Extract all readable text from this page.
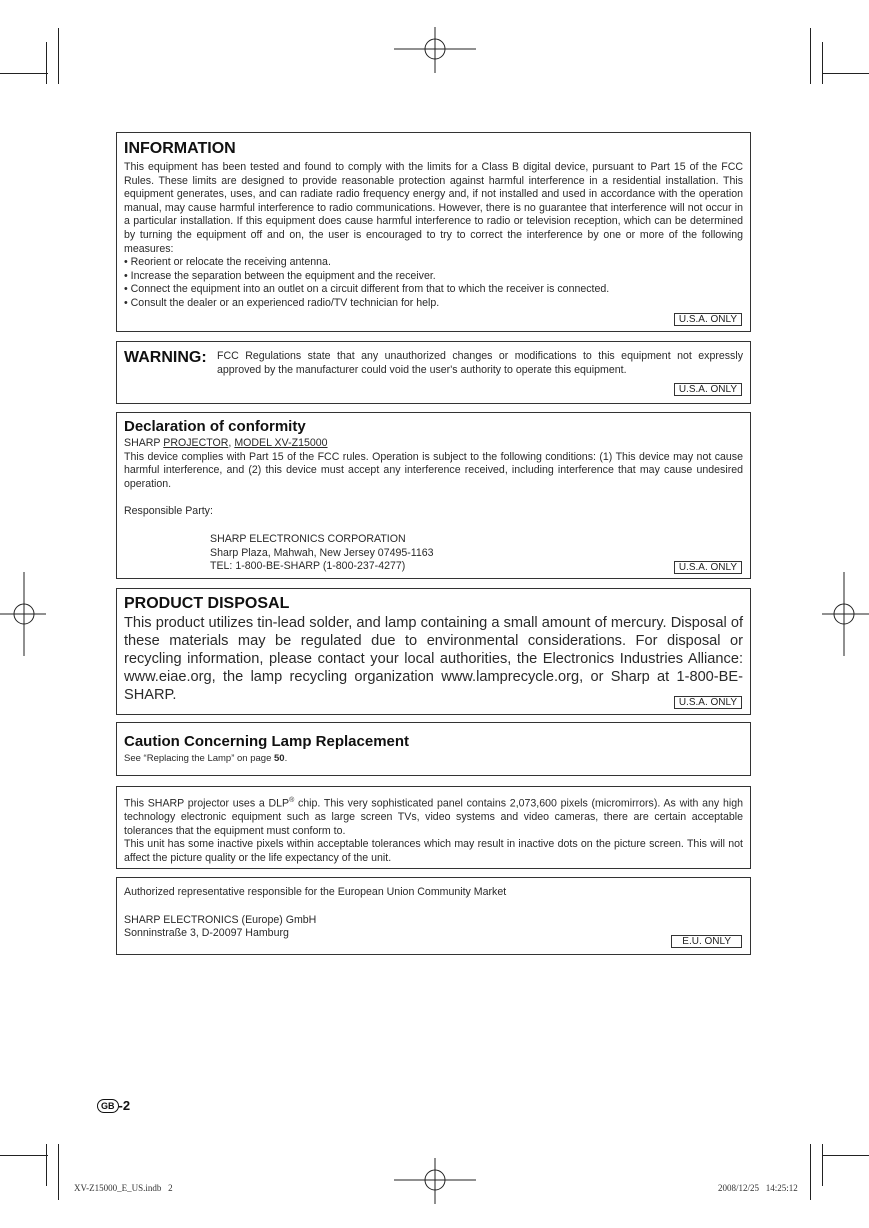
INFORMATION
This equipment has been tested and found to comply with the limits for a Class B digital device, pursuant to Part 15 of the FCC Rules. These limits are designed to provide reasonable protection against harmful interference in a residential installation. This equipment generates, uses, and can radiate radio frequency energy and, if not installed and used in accordance with the operation manual, may cause harmful interference to radio communications. However, there is no guarantee that interference will not occur in a particular installation. If this equipment does cause harmful interference to radio or television reception, which can be determined by turning the equipment off and on, the user is encouraged to try to correct the interference by one or more of the following measures:
• Reorient or relocate the receiving antenna.
• Increase the separation between the equipment and the receiver.
• Connect the equipment into an outlet on a circuit different from that to which the receiver is connected.
• Consult the dealer or an experienced radio/TV technician for help.
U.S.A. ONLY
WARNING: FCC Regulations state that any unauthorized changes or modifications to this equipment not expressly approved by the manufacturer could void the user's authority to operate this equipment.
U.S.A. ONLY
Declaration of conformity
SHARP PROJECTOR, MODEL XV-Z15000
This device complies with Part 15 of the FCC rules. Operation is subject to the following conditions: (1) This device may not cause harmful interference, and (2) this device must accept any interference received, including interference that may cause undesired operation.
Responsible Party:
SHARP ELECTRONICS CORPORATION
Sharp Plaza, Mahwah, New Jersey 07495-1163
TEL: 1-800-BE-SHARP (1-800-237-4277)	U.S.A. ONLY
PRODUCT DISPOSAL
This product utilizes tin-lead solder, and lamp containing a small amount of mercury. Disposal of these materials may be regulated due to environmental considerations. For disposal or recycling information, please contact your local authorities, the Electronics Industries Alliance: www.eiae.org, the lamp recycling organization www.lamprecycle.org, or Sharp at 1-800-BE-SHARP.	U.S.A. ONLY
Caution Concerning Lamp Replacement
See “Replacing the Lamp” on page 50.
This SHARP projector uses a DLP® chip. This very sophisticated panel contains 2,073,600 pixels (micromirrors). As with any high technology electronic equipment such as large screen TVs, video systems and video cameras, there are certain acceptable tolerances that the equipment must conform to.
This unit has some inactive pixels within acceptable tolerances which may result in inactive dots on the picture screen. This will not affect the picture quality or the life expectancy of the unit.
Authorized representative responsible for the European Union Community Market
SHARP ELECTRONICS (Europe) GmbH
Sonninstraße 3, D-20097 Hamburg
E.U. ONLY
GB -2
XV-Z15000_E_US.indb   2	2008/12/25   14:25:12
